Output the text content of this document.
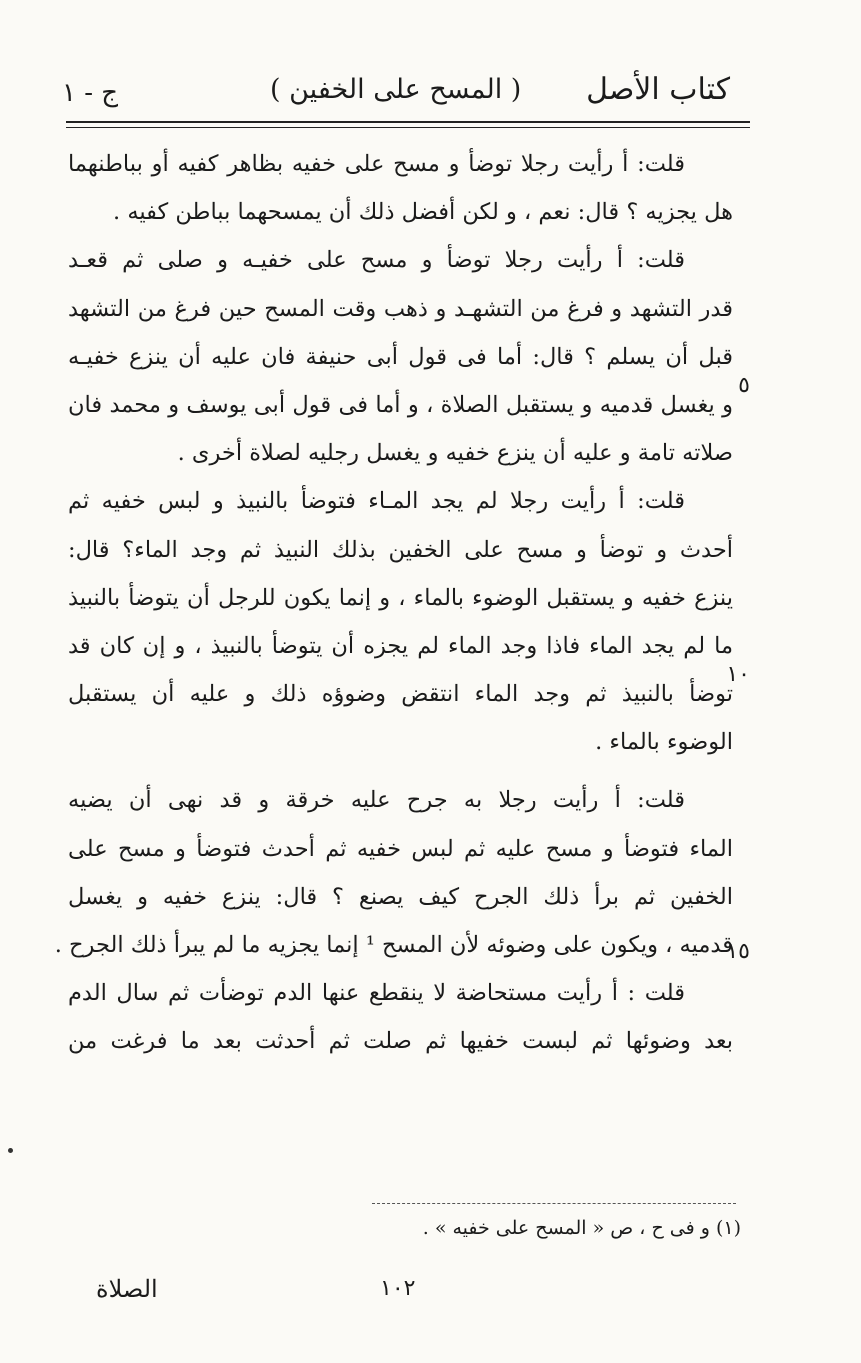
كتاب الأصل
( المسح على الخفين )
ج - ١
قلت: أ رأيت رجلا توضأ و مسح على خفيه بظاهر كفيه أو بباطنهما
هل يجزيه ؟ قال: نعم ، و لكن أفضل ذلك أن يمسحهما بباطن كفيه .
قلت: أ رأيت رجلا توضأ و مسح على خفيـه و صلى ثم قعـد
قدر التشهد و فرغ من التشهـد و ذهب وقت المسح حين فرغ من التشهد
قبل أن يسلم ؟ قال: أما فى قول أبى حنيفة فان عليه أن ينزع خفيـه
و يغسل قدميه و يستقبل الصلاة ، و أما فى قول أبى يوسف و محمد فان
صلاته تامة و عليه أن ينزع خفيه و يغسل رجليه لصلاة أخرى .
قلت: أ رأيت رجلا لم يجد المـاء فتوضأ بالنبيذ و لبس خفيه ثم
أحدث و توضأ و مسح على الخفين بذلك النبيذ ثم وجد الماء؟ قال:
ينزع خفيه و يستقبل الوضوء بالماء ، و إنما يكون للرجل أن يتوضأ بالنبيذ
ما لم يجد الماء فاذا وجد الماء لم يجزه أن يتوضأ بالنبيذ ، و إن كان قد
توضأ بالنبيذ ثم وجد الماء انتقض وضوؤه ذلك و عليه أن يستقبل
الوضوء بالماء .
قلت: أ رأيت رجلا به جرح عليه خرقة و قد نهى أن يضيه
الماء فتوضأ و مسح عليه ثم لبس خفيه ثم أحدث فتوضأ و مسح على
الخفين ثم برأ ذلك الجرح كيف يصنع ؟ قال: ينزع خفيه و يغسل
قدميه ، ويكون على وضوئه لأن المسح ¹ إنما يجزيه ما لم يبرأ ذلك الجرح .
قلت : أ رأيت مستحاضة لا ينقطع عنها الدم توضأت ثم سال الدم
بعد وضوئها ثم لبست خفيها ثم صلت ثم أحدثت بعد ما فرغت من
٥
١٠
١٥
(١) و فى ح ، ص « المسح على خفيه » .
١٠٢
الصلاة
